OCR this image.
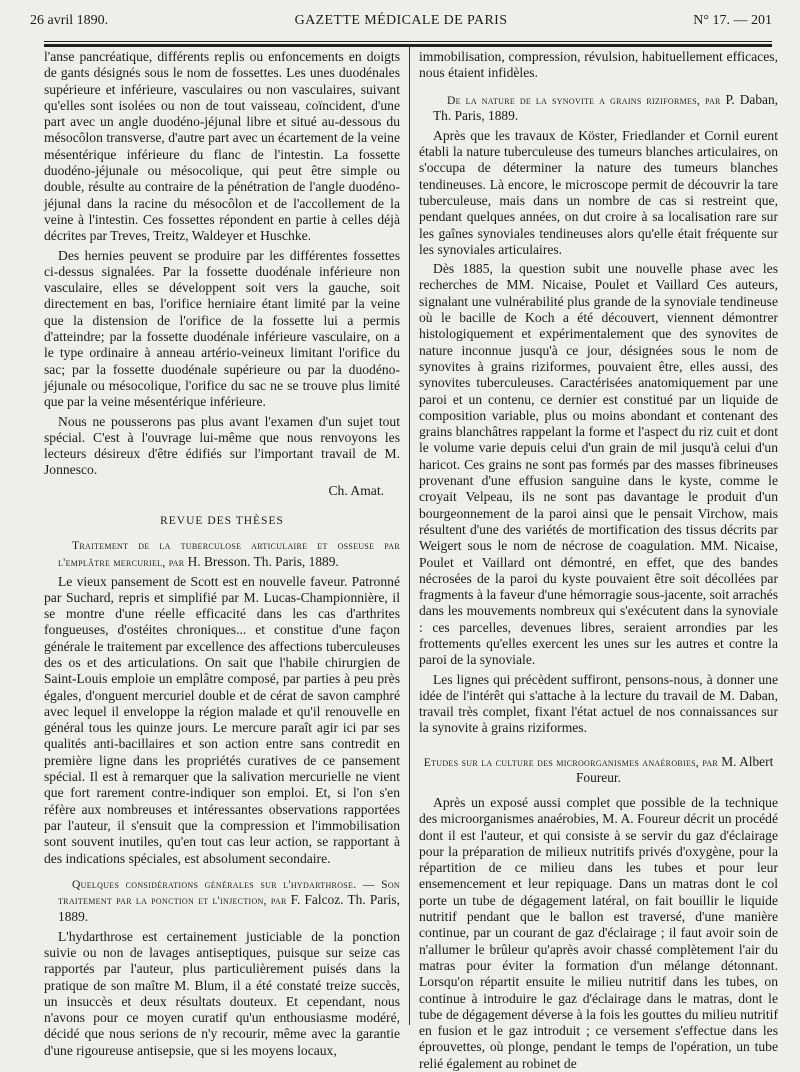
26 avril 1890.	GAZETTE MÉDICALE DE PARIS	N° 17. — 201

l'anse pancréatique, différents replis ou enfoncements en doigts de gants désignés sous le nom de fossettes. Les unes duodénales supérieure et inférieure, vasculaires ou non vasculaires, suivant qu'elles sont isolées ou non de tout vaisseau, coïncident, d'une part avec un angle duodéno-jéjunal libre et situé au-dessous du mésocôlon transverse, d'autre part avec un écartement de la veine mésentérique inférieure du flanc de l'intestin. La fossette duodéno-jéjunale ou mésocolique, qui peut être simple ou double, résulte au contraire de la pénétration de l'angle duodéno-jéjunal dans la racine du mésocôlon et de l'accollement de la veine à l'intestin. Ces fossettes répondent en partie à celles déjà décrites par Treves, Treitz, Waldeyer et Huschke.

Des hernies peuvent se produire par les différentes fossettes ci-dessus signalées. Par la fossette duodénale inférieure non vasculaire, elles se développent soit vers la gauche, soit directement en bas, l'orifice herniaire étant limité par la veine que la distension de l'orifice de la fossette lui a permis d'atteindre; par la fossette duodénale inférieure vasculaire, on a le type ordinaire à anneau artério-veineux limitant l'orifice du sac; par la fossette duodénale supérieure ou par la duodéno-jéjunale ou mésocolique, l'orifice du sac ne se trouve plus limité que par la veine mésentérique inférieure.

Nous ne pousserons pas plus avant l'examen d'un sujet tout spécial. C'est à l'ouvrage lui-même que nous renvoyons les lecteurs désireux d'être édifiés sur l'important travail de M. Jonnesco.

Ch. Amat.
REVUE DES THÈSES

Traitement de la tuberculose articulaire et osseuse par l'emplâtre mercuriel, par H. Bresson. Th. Paris, 1889.

Le vieux pansement de Scott est en nouvelle faveur. Patronné par Suchard, repris et simplifié par M. Lucas-Championnière, il se montre d'une réelle efficacité dans les cas d'arthrites fongueuses, d'ostéites chroniques... et constitue d'une façon générale le traitement par excellence des affections tuberculeuses des os et des articulations. On sait que l'habile chirurgien de Saint-Louis emploie un emplâtre composé, par parties à peu près égales, d'onguent mercuriel double et de cérat de savon camphré avec lequel il enveloppe la région malade et qu'il renouvelle en général tous les quinze jours. Le mercure paraît agir ici par ses qualités anti-bacillaires et son action entre sans contredit en première ligne dans les propriétés curatives de ce pansement spécial. Il est à remarquer que la salivation mercurielle ne vient que fort rarement contre-indiquer son emploi. Et, si l'on s'en réfère aux nombreuses et intéressantes observations rapportées par l'auteur, il s'ensuit que la compression et l'immobilisation sont souvent inutiles, qu'en tout cas leur action, se rapportant à des indications spéciales, est absolument secondaire.

Quelques considérations générales sur l'hydarthrose. — Son traitement par la ponction et l'injection, par F. Falcoz. Th. Paris, 1889.

L'hydarthrose est certainement justiciable de la ponction suivie ou non de lavages antiseptiques, puisque sur seize cas rapportés par l'auteur, plus particulièrement puisés dans la pratique de son maître M. Blum, il a été constaté treize succès, un insuccès et deux résultats douteux. Et cependant, nous n'avons pour ce moyen curatif qu'un enthousiasme modéré, décidé que nous serions de n'y recourir, même avec la garantie d'une rigoureuse antisepsie, que si les moyens locaux,

immobilisation, compression, révulsion, habituellement efficaces, nous étaient infidèles.

De la nature de la synovite a grains riziformes, par P. Daban, Th. Paris, 1889.

Après que les travaux de Köster, Friedlander et Cornil eurent établi la nature tuberculeuse des tumeurs blanches articulaires, on s'occupa de déterminer la nature des tumeurs blanches tendineuses. Là encore, le microscope permit de découvrir la tare tuberculeuse, mais dans un nombre de cas si restreint que, pendant quelques années, on dut croire à sa localisation rare sur les gaînes synoviales tendineuses alors qu'elle était fréquente sur les synoviales articulaires.

Dès 1885, la question subit une nouvelle phase avec les recherches de MM. Nicaise, Poulet et Vaillard Ces auteurs, signalant une vulnérabilité plus grande de la synoviale tendineuse où le bacille de Koch a été découvert, viennent démontrer histologiquement et expérimentalement que des synovites de nature inconnue jusqu'à ce jour, désignées sous le nom de synovites à grains riziformes, pouvaient être, elles aussi, des synovites tuberculeuses. Caractérisées anatomiquement par une paroi et un contenu, ce dernier est constitué par un liquide de composition variable, plus ou moins abondant et contenant des grains blanchâtres rappelant la forme et l'aspect du riz cuit et dont le volume varie depuis celui d'un grain de mil jusqu'à celui d'un haricot. Ces grains ne sont pas formés par des masses fibrineuses provenant d'une effusion sanguine dans le kyste, comme le croyait Velpeau, ils ne sont pas davantage le produit d'un bourgeonnement de la paroi ainsi que le pensait Virchow, mais résultent d'une des variétés de mortification des tissus décrits par Weigert sous le nom de nécrose de coagulation. MM. Nicaise, Poulet et Vaillard ont démontré, en effet, que des bandes nécrosées de la paroi du kyste pouvaient être soit décollées par fragments à la faveur d'une hémorragie sous-jacente, soit arrachés dans les mouvements nombreux qui s'exécutent dans la synoviale : ces parcelles, devenues libres, seraient arrondies par les frottements qu'elles exercent les unes sur les autres et contre la paroi de la synoviale.

Les lignes qui précèdent suffiront, pensons-nous, à donner une idée de l'intérêt qui s'attache à la lecture du travail de M. Daban, travail très complet, fixant l'état actuel de nos connaissances sur la synovite à grains riziformes.

Etudes sur la culture des microorganismes anaérobies, par M. Albert Foureur.

Après un exposé aussi complet que possible de la technique des microorganismes anaérobies, M. A. Foureur décrit un procédé dont il est l'auteur, et qui consiste à se servir du gaz d'éclairage pour la préparation de milieux nutritifs privés d'oxygène, pour la répartition de ce milieu dans les tubes et pour leur ensemencement et leur repiquage. Dans un matras dont le col porte un tube de dégagement latéral, on fait bouillir le liquide nutritif pendant que le ballon est traversé, d'une manière continue, par un courant de gaz d'éclairage ; il faut avoir soin de n'allumer le brûleur qu'après avoir chassé complètement l'air du matras pour éviter la formation d'un mélange détonnant. Lorsqu'on répartit ensuite le milieu nutritif dans les tubes, on continue à introduire le gaz d'éclairage dans le matras, dont le tube de dégagement déverse à la fois les gouttes du milieu nutritif en fusion et le gaz introduit ; ce versement s'effectue dans les éprouvettes, où plonge, pendant le temps de l'opération, un tube relié également au robinet de
